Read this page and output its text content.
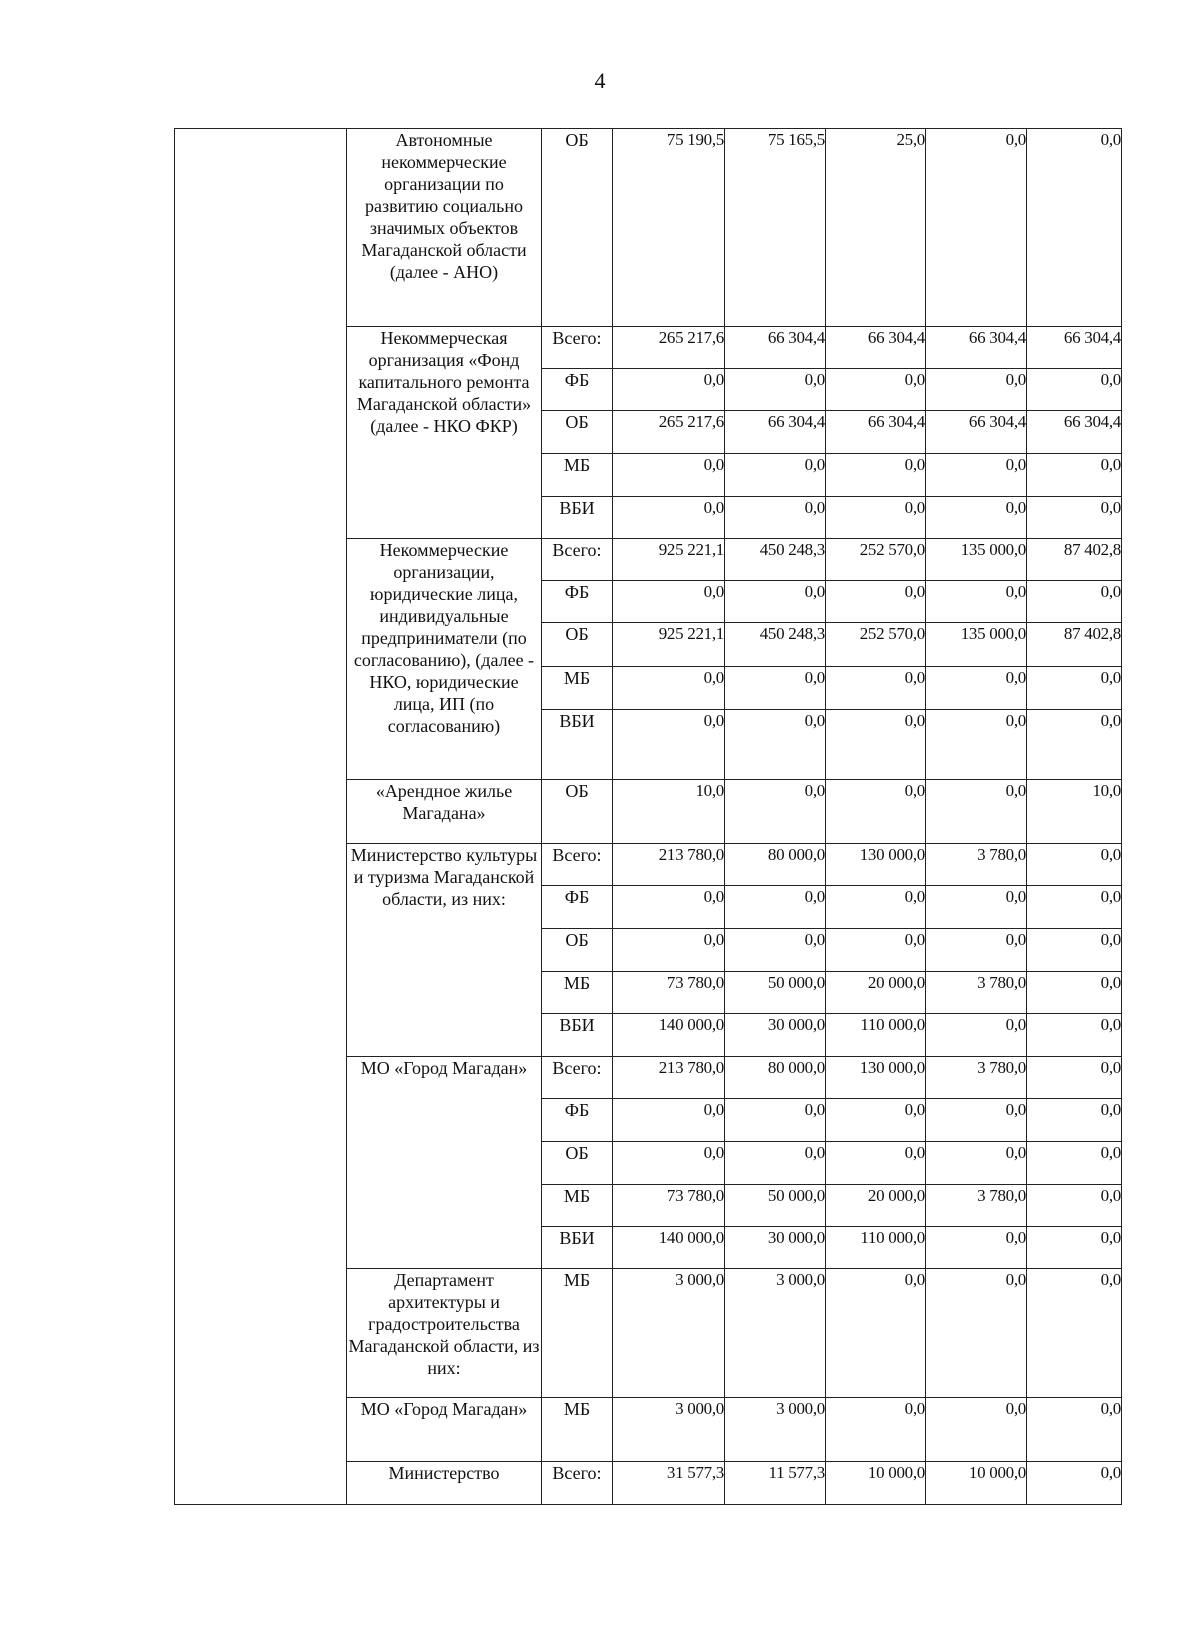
4
	Автономные некоммерческие организации по развитию социально значимых объектов Магаданской области (далее - АНО)	ОБ	75 190,5	75 165,5	25,0	0,0	0,0
	Некоммерческая организация «Фонд капитального ремонта Магаданской области» (далее - НКО ФКР)	Всего:	265 217,6	66 304,4	66 304,4	66 304,4	66 304,4
		ФБ	0,0	0,0	0,0	0,0	0,0
		ОБ	265 217,6	66 304,4	66 304,4	66 304,4	66 304,4
		МБ	0,0	0,0	0,0	0,0	0,0
		ВБИ	0,0	0,0	0,0	0,0	0,0
	Некоммерческие организации, юридические лица, индивидуальные предприниматели (по согласованию), (далее - НКО, юридические лица, ИП (по согласованию)	Всего:	925 221,1	450 248,3	252 570,0	135 000,0	87 402,8
		ФБ	0,0	0,0	0,0	0,0	0,0
		ОБ	925 221,1	450 248,3	252 570,0	135 000,0	87 402,8
		МБ	0,0	0,0	0,0	0,0	0,0
		ВБИ	0,0	0,0	0,0	0,0	0,0
	«Арендное жилье Магадана»	ОБ	10,0	0,0	0,0	0,0	10,0
	Министерство культуры и туризма Магаданской области, из них:	Всего:	213 780,0	80 000,0	130 000,0	3 780,0	0,0
		ФБ	0,0	0,0	0,0	0,0	0,0
		ОБ	0,0	0,0	0,0	0,0	0,0
		МБ	73 780,0	50 000,0	20 000,0	3 780,0	0,0
		ВБИ	140 000,0	30 000,0	110 000,0	0,0	0,0
	МО «Город Магадан»	Всего:	213 780,0	80 000,0	130 000,0	3 780,0	0,0
		ФБ	0,0	0,0	0,0	0,0	0,0
		ОБ	0,0	0,0	0,0	0,0	0,0
		МБ	73 780,0	50 000,0	20 000,0	3 780,0	0,0
		ВБИ	140 000,0	30 000,0	110 000,0	0,0	0,0
	Департамент архитектуры и градостроительства Магаданской области, из них:	МБ	3 000,0	3 000,0	0,0	0,0	0,0
	МО «Город Магадан»	МБ	3 000,0	3 000,0	0,0	0,0	0,0
	Министерство	Всего:	31 577,3	11 577,3	10 000,0	10 000,0	0,0
